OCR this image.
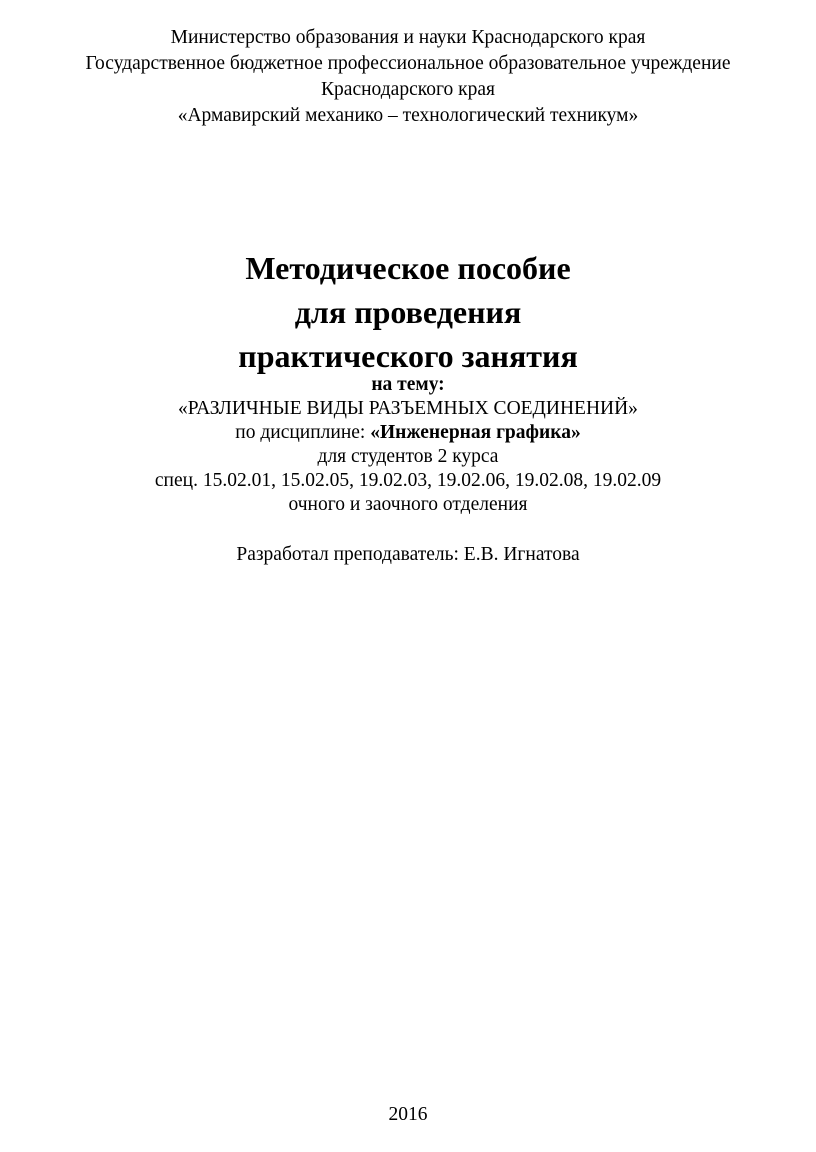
Министерство образования и науки Краснодарского края
Государственное бюджетное профессиональное образовательное учреждение
Краснодарского края
«Армавирский механико – технологический техникум»
Методическое пособие
для проведения
практического занятия
на тему:
«РАЗЛИЧНЫЕ ВИДЫ РАЗЪЕМНЫХ СОЕДИНЕНИЙ»
по дисциплине: «Инженерная графика»
для студентов 2 курса
спец. 15.02.01, 15.02.05, 19.02.03, 19.02.06, 19.02.08, 19.02.09
очного и заочного отделения
Разработал преподаватель: Е.В. Игнатова
2016
